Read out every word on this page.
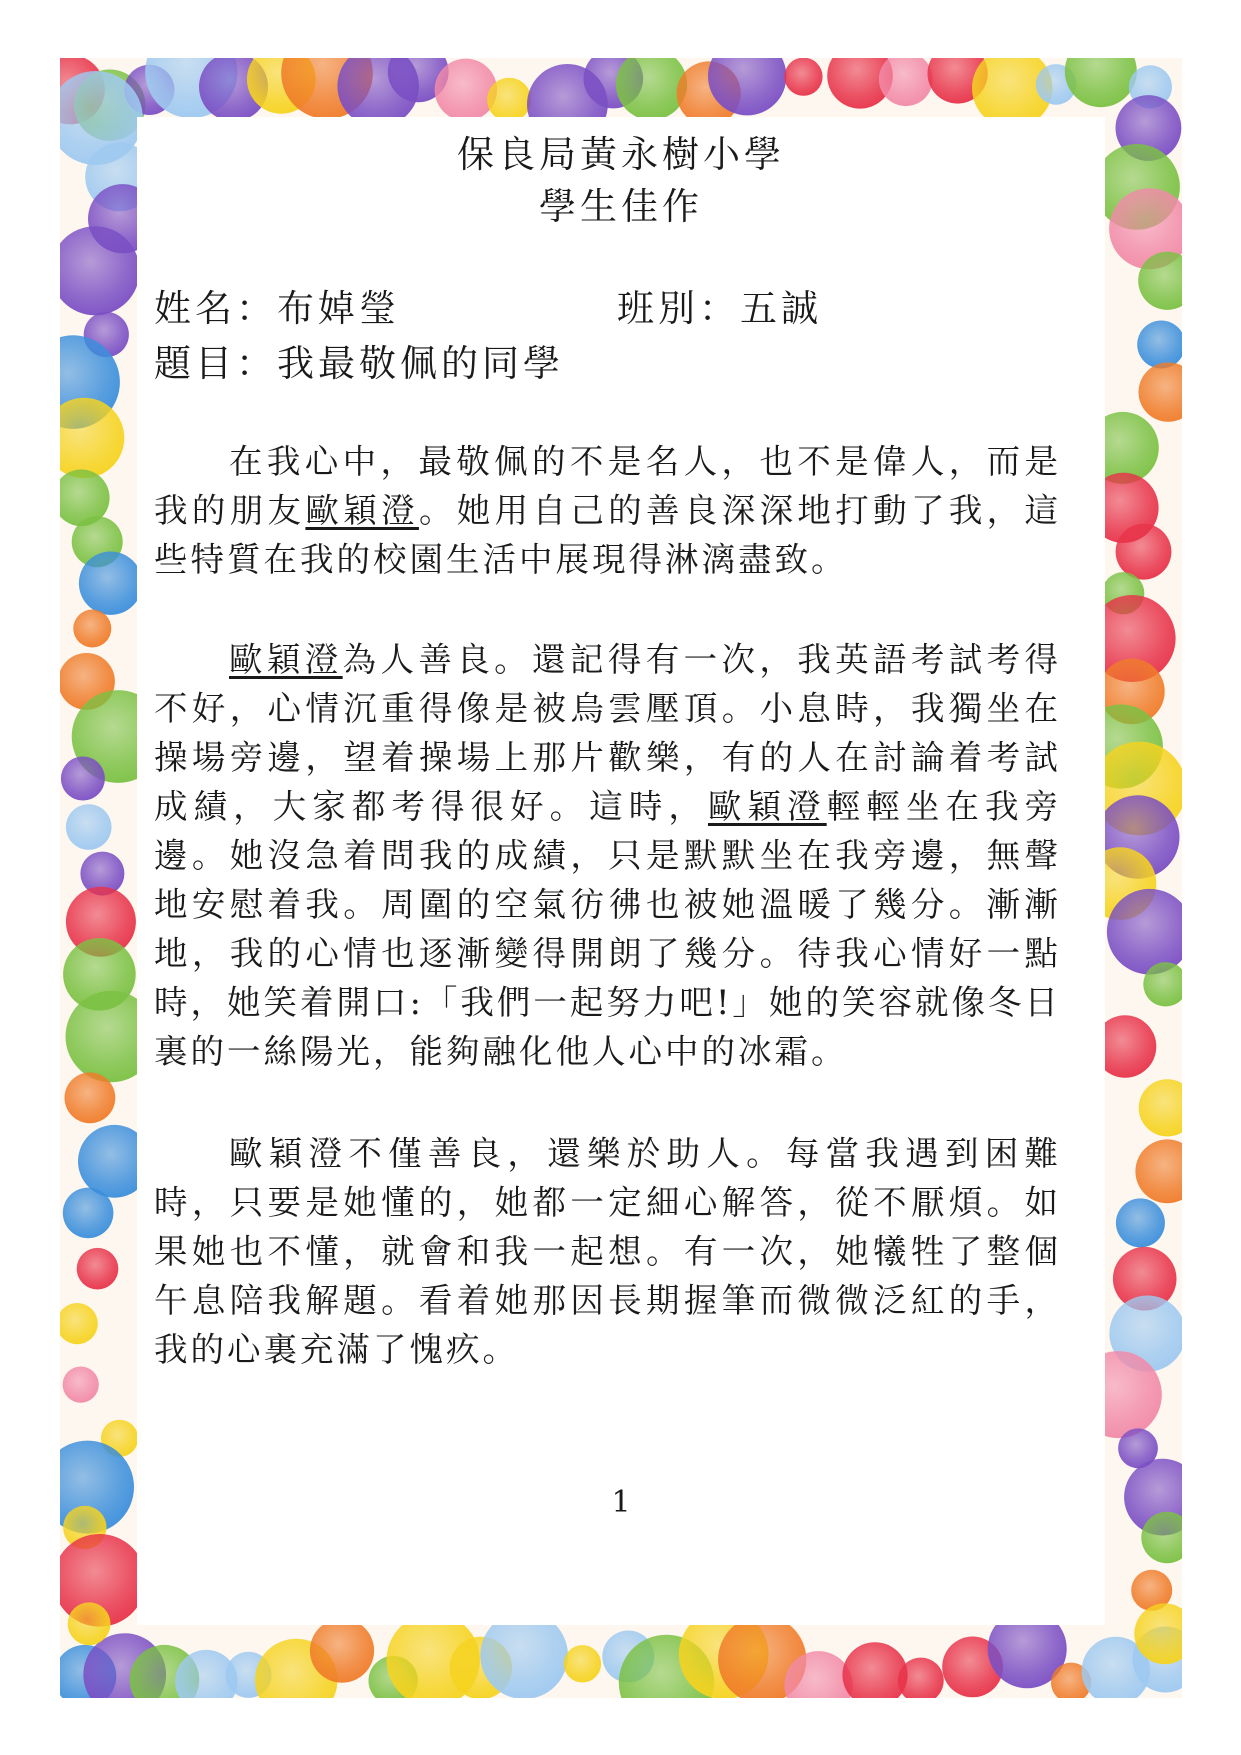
保良局黃永樹小學
學生佳作
姓名：布婥瑩	班別：五誠
題目：我最敬佩的同學

在我心中，最敬佩的不是名人，也不是偉人，而是我的朋友歐穎澄。她用自己的善良深深地打動了我，這些特質在我的校園生活中展現得淋漓盡致。

歐穎澄為人善良。還記得有一次，我英語考試考得不好，心情沉重得像是被烏雲壓頂。小息時，我獨坐在操場旁邊，望着操場上那片歡樂，有的人在討論着考試成績，大家都考得很好。這時，歐穎澄輕輕坐在我旁邊。她沒急着問我的成績，只是默默坐在我旁邊，無聲地安慰着我。周圍的空氣彷彿也被她溫暖了幾分。漸漸地，我的心情也逐漸變得開朗了幾分。待我心情好一點時，她笑着開口:「我們一起努力吧!」她的笑容就像冬日裏的一絲陽光，能夠融化他人心中的冰霜。

歐穎澄不僅善良，還樂於助人。每當我遇到困難時，只要是她懂的，她都一定細心解答，從不厭煩。如果她也不懂，就會和我一起想。有一次，她犧牲了整個午息陪我解題。看着她那因長期握筆而微微泛紅的手，我的心裏充滿了愧疚。

1
